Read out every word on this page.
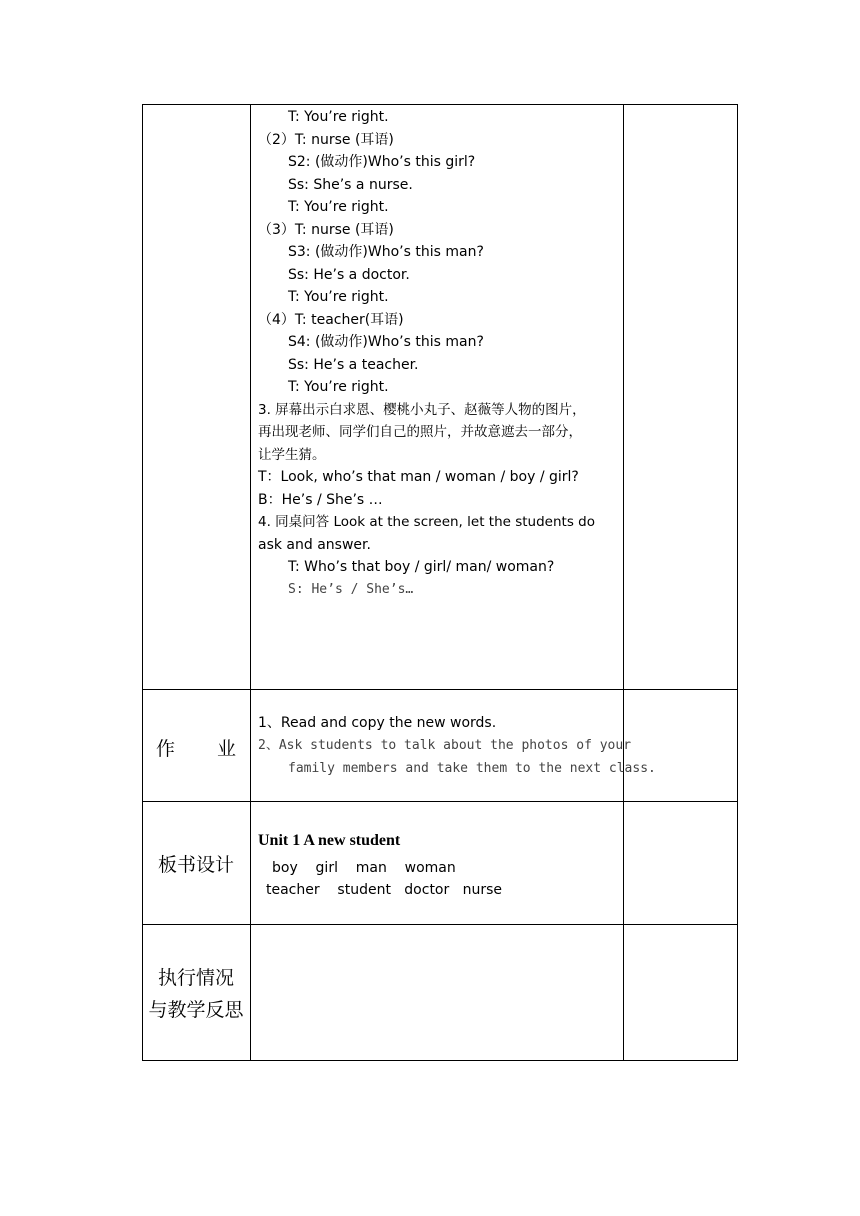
T: You’re right.
（2）T: nurse (耳语)
S2: (做动作)Who’s this girl?
Ss: She’s a nurse.
T: You’re right.
（3）T: nurse (耳语)
S3: (做动作)Who’s this man?
Ss: He’s a doctor.
T: You’re right.
（4）T: teacher(耳语)
S4: (做动作)Who’s this man?
Ss: He’s a teacher.
T: You’re right.
3. 屏幕出示白求恩、樱桃小丸子、赵薇等人物的图片，
再出现老师、同学们自己的照片，并故意遮去一部分，
让学生猜。
T：Look, who’s that man / woman / boy / girl?
B：He’s / She’s …
4. 同桌问答 Look at the screen, let the students do
ask and answer.
T: Who’s that boy / girl/ man/ woman?
S: He’s / She’s…
作 业
1、Read and copy the new words.
2、Ask students to talk about the photos of your
family members and take them to the next class.
板书设计
Unit 1 A new student
boy    girl    man    woman
teacher    student   doctor   nurse
执行情况
与教学反思
